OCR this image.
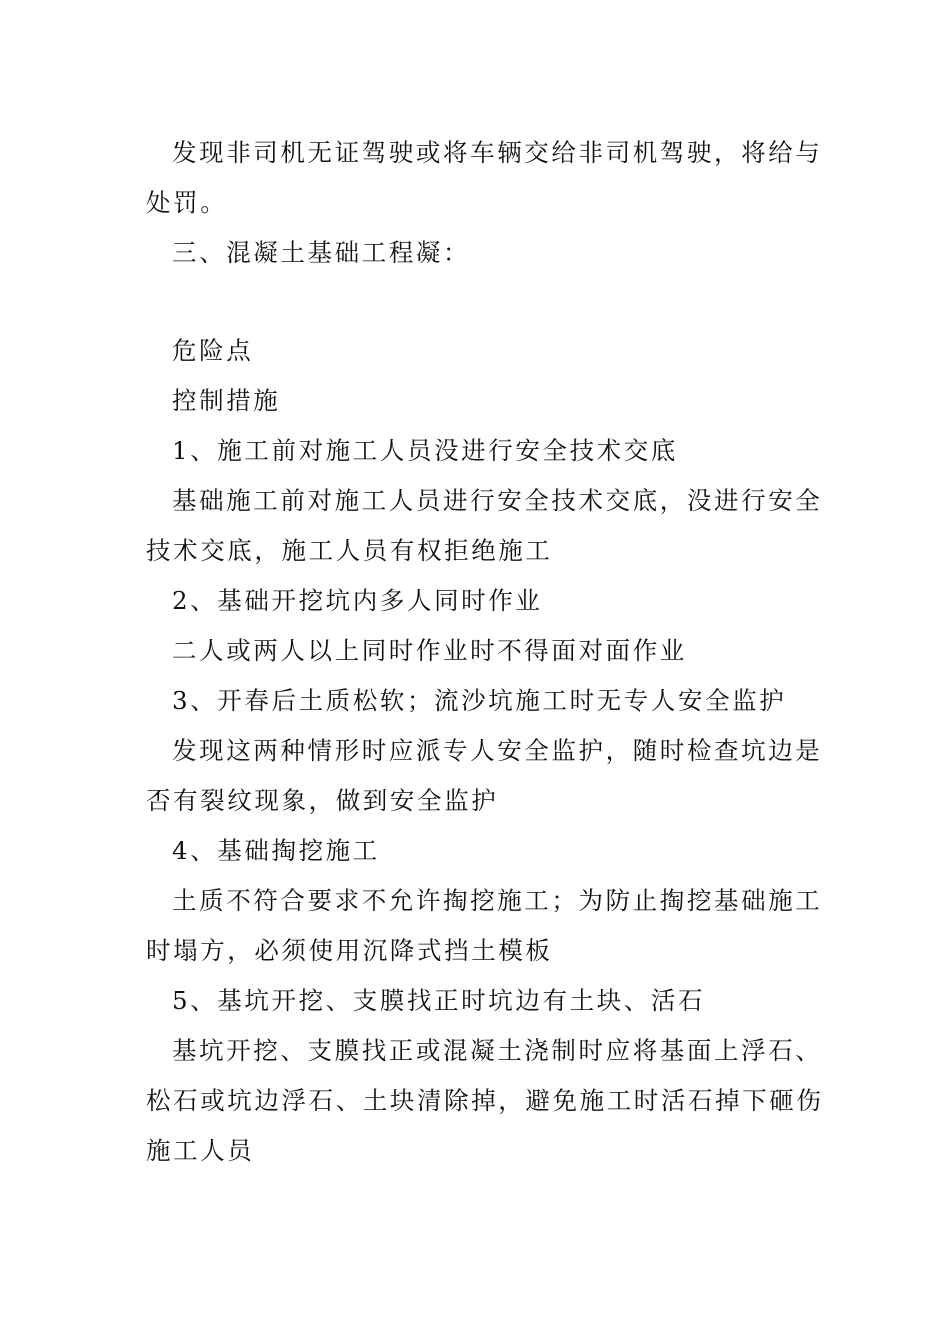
发现非司机无证驾驶或将车辆交给非司机驾驶，将给与
处罚。
三、混凝土基础工程凝：
危险点
控制措施
1、施工前对施工人员没进行安全技术交底
基础施工前对施工人员进行安全技术交底，没进行安全
技术交底，施工人员有权拒绝施工
2、基础开挖坑内多人同时作业
二人或两人以上同时作业时不得面对面作业
3、开春后土质松软；流沙坑施工时无专人安全监护
发现这两种情形时应派专人安全监护，随时检查坑边是
否有裂纹现象，做到安全监护
4、基础掏挖施工
土质不符合要求不允许掏挖施工；为防止掏挖基础施工
时塌方，必须使用沉降式挡土模板
5、基坑开挖、支膜找正时坑边有土块、活石
基坑开挖、支膜找正或混凝土浇制时应将基面上浮石、
松石或坑边浮石、土块清除掉，避免施工时活石掉下砸伤
施工人员
